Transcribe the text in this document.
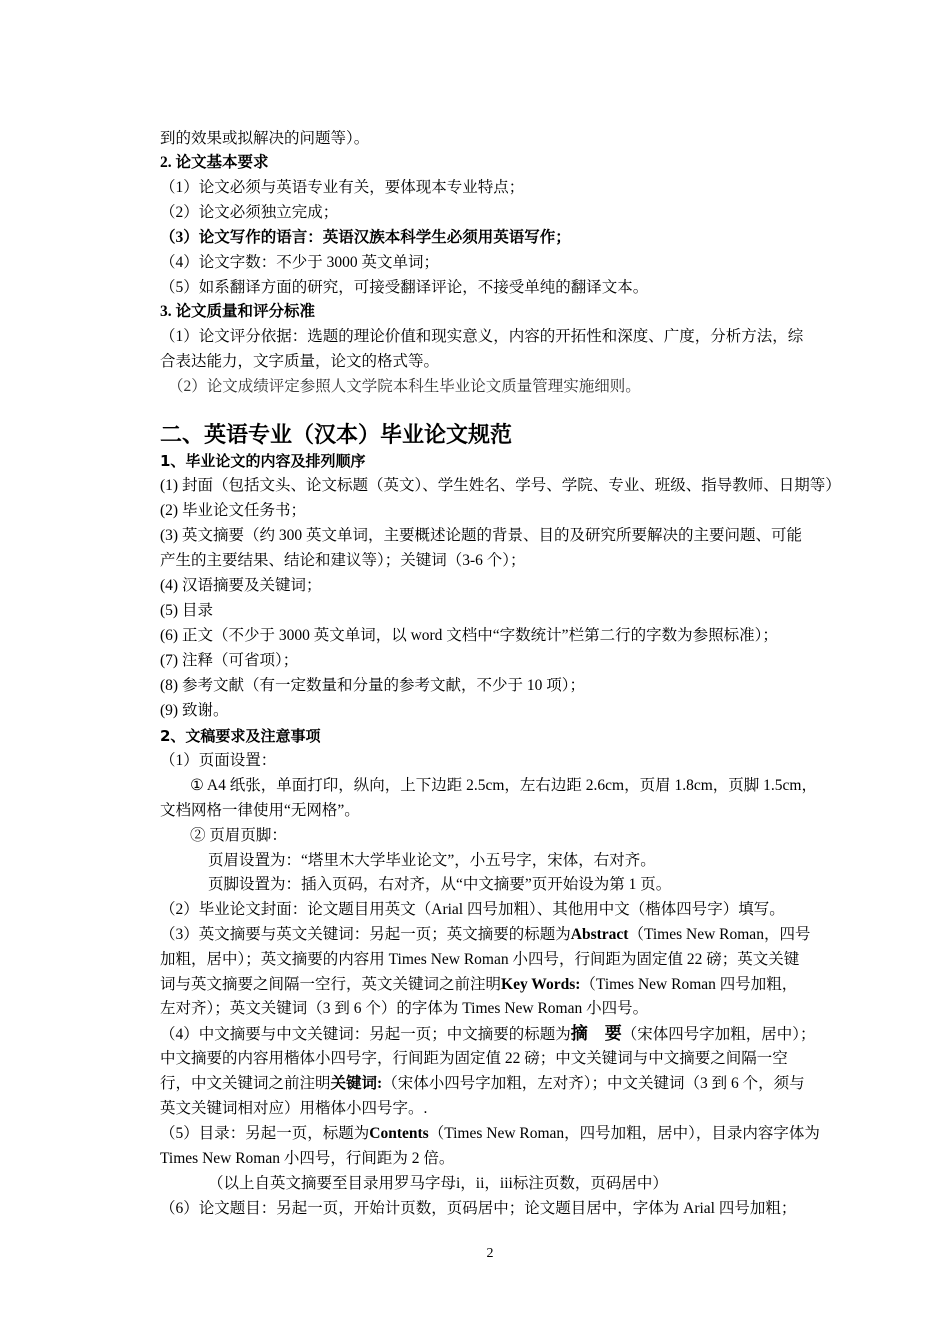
到的效果或拟解决的问题等）。
2. 论文基本要求
（1）论文必须与英语专业有关，要体现本专业特点；
（2）论文必须独立完成；
（3）论文写作的语言：英语汉族本科学生必须用英语写作；
（4）论文字数：不少于 3000 英文单词；
（5）如系翻译方面的研究，可接受翻译评论，不接受单纯的翻译文本。
3. 论文质量和评分标准
（1）论文评分依据：选题的理论价值和现实意义，内容的开拓性和深度、广度，分析方法，综
合表达能力，文字质量，论文的格式等。
（2）论文成绩评定参照人文学院本科生毕业论文质量管理实施细则。
二、英语专业（汉本）毕业论文规范
1、毕业论文的内容及排列顺序
(1) 封面（包括文头、论文标题（英文）、学生姓名、学号、学院、专业、班级、指导教师、日期等）
(2) 毕业论文任务书；
(3) 英文摘要（约 300 英文单词，主要概述论题的背景、目的及研究所要解决的主要问题、可能
产生的主要结果、结论和建议等）；关键词（3-6 个）；
(4) 汉语摘要及关键词；
(5) 目录
(6) 正文（不少于 3000 英文单词，以 word 文档中“字数统计”栏第二行的字数为参照标准）；
(7) 注释（可省项）；
(8) 参考文献（有一定数量和分量的参考文献，不少于 10 项）；
(9) 致谢。
2、文稿要求及注意事项
（1）页面设置：
① A4 纸张，单面打印，纵向，上下边距 2.5cm，左右边距 2.6cm，页眉 1.8cm，页脚 1.5cm，
文档网格一律使用“无网格”。
② 页眉页脚：
页眉设置为：“塔里木大学毕业论文”，小五号字，宋体，右对齐。
页脚设置为：插入页码，右对齐，从“中文摘要”页开始设为第 1 页。
（2）毕业论文封面：论文题目用英文（Arial 四号加粗）、其他用中文（楷体四号字）填写。
（3）英文摘要与英文关键词：另起一页；英文摘要的标题为Abstract（Times New Roman，四号
加粗，居中）；英文摘要的内容用 Times New Roman 小四号，行间距为固定值 22 磅；英文关键
词与英文摘要之间隔一空行，英文关键词之前注明Key Words:（Times New Roman 四号加粗，
左对齐）；英文关键词（3 到 6 个）的字体为 Times New Roman 小四号。
（4）中文摘要与中文关键词：另起一页；中文摘要的标题为摘　要（宋体四号字加粗，居中）；
中文摘要的内容用楷体小四号字，行间距为固定值 22 磅；中文关键词与中文摘要之间隔一空
行，中文关键词之前注明关键词:（宋体小四号字加粗，左对齐）；中文关键词（3 到 6 个，须与
英文关键词相对应）用楷体小四号字。.
（5）目录：另起一页，标题为Contents（Times New Roman，四号加粗，居中），目录内容字体为
Times New Roman 小四号，行间距为 2 倍。
（以上自英文摘要至目录用罗马字母i，ii，iii标注页数，页码居中）
（6）论文题目：另起一页，开始计页数，页码居中；论文题目居中，字体为 Arial 四号加粗；
2
